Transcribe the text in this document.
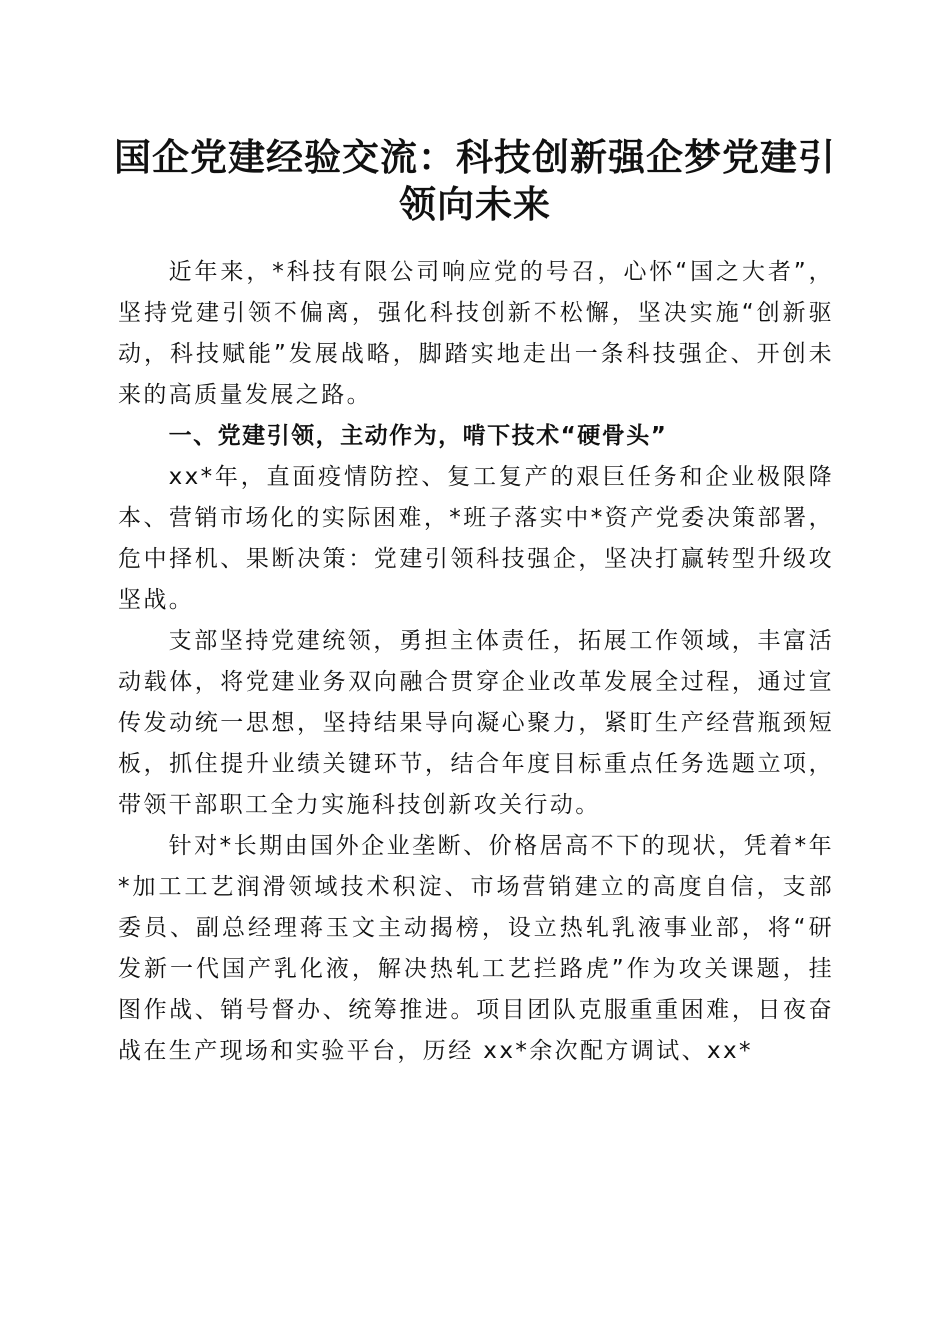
国企党建经验交流：科技创新强企梦党建引领向未来

近年来，*科技有限公司响应党的号召，心怀“国之大者”，坚持党建引领不偏离，强化科技创新不松懈，坚决实施“创新驱动，科技赋能”发展战略，脚踏实地走出一条科技强企、开创未来的高质量发展之路。

一、党建引领，主动作为，啃下技术“硬骨头”

xx*年，直面疫情防控、复工复产的艰巨任务和企业极限降本、营销市场化的实际困难，*班子落实中*资产党委决策部署，危中择机、果断决策：党建引领科技强企，坚决打赢转型升级攻坚战。

支部坚持党建统领，勇担主体责任，拓展工作领域，丰富活动载体，将党建业务双向融合贯穿企业改革发展全过程，通过宣传发动统一思想，坚持结果导向凝心聚力，紧盯生产经营瓶颈短板，抓住提升业绩关键环节，结合年度目标重点任务选题立项，带领干部职工全力实施科技创新攻关行动。

针对*长期由国外企业垄断、价格居高不下的现状，凭着*年*加工工艺润滑领域技术积淀、市场营销建立的高度自信，支部委员、副总经理蒋玉文主动揭榜，设立热轧乳液事业部，将“研发新一代国产乳化液，解决热轧工艺拦路虎”作为攻关课题，挂图作战、销号督办、统筹推进。项目团队克服重重困难，日夜奋战在生产现场和实验平台，历经 xx*余次配方调试、xx*
